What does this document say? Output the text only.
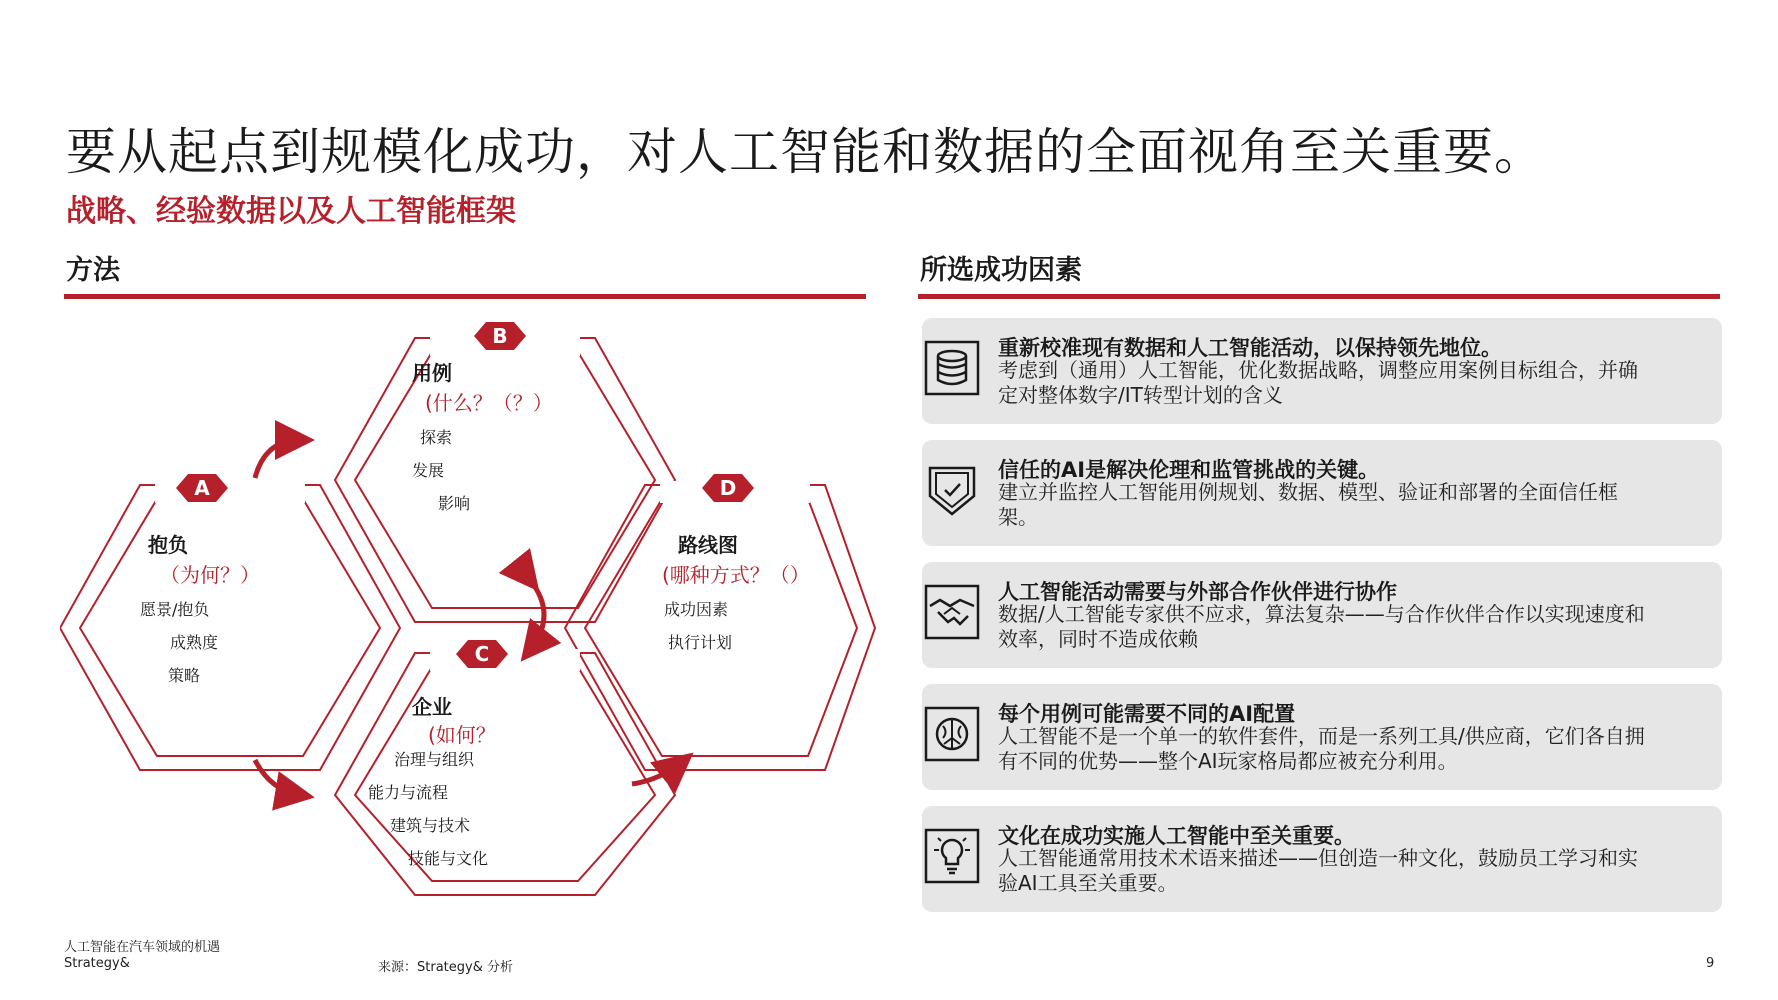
要从起点到规模化成功，对人工智能和数据的全面视角至关重要。
战略、经验数据以及人工智能框架
方法	所选成功因素
B
用例
(什么？（？）
探索
发展
影响
A
抱负
（为何？）
愿景/抱负
成熟度
策略
D
路线图
(哪种方式？（）
成功因素
执行计划
C
企业
(如何？
治理与组织
能力与流程
建筑与技术
技能与文化
重新校准现有数据和人工智能活动，以保持领先地位。
考虑到（通用）人工智能，优化数据战略，调整应用案例目标组合，并确定对整体数字/IT转型计划的含义
信任的AI是解决伦理和监管挑战的关键。
建立并监控人工智能用例规划、数据、模型、验证和部署的全面信任框架。
人工智能活动需要与外部合作伙伴进行协作
数据/人工智能专家供不应求，算法复杂——与合作伙伴合作以实现速度和效率，同时不造成依赖
每个用例可能需要不同的AI配置
人工智能不是一个单一的软件套件，而是一系列工具/供应商，它们各自拥有不同的优势——整个AI玩家格局都应被充分利用。
文化在成功实施人工智能中至关重要。
人工智能通常用技术术语来描述——但创造一种文化，鼓励员工学习和实验AI工具至关重要。
人工智能在汽车领域的机遇
Strategy&	来源：Strategy& 分析	9
